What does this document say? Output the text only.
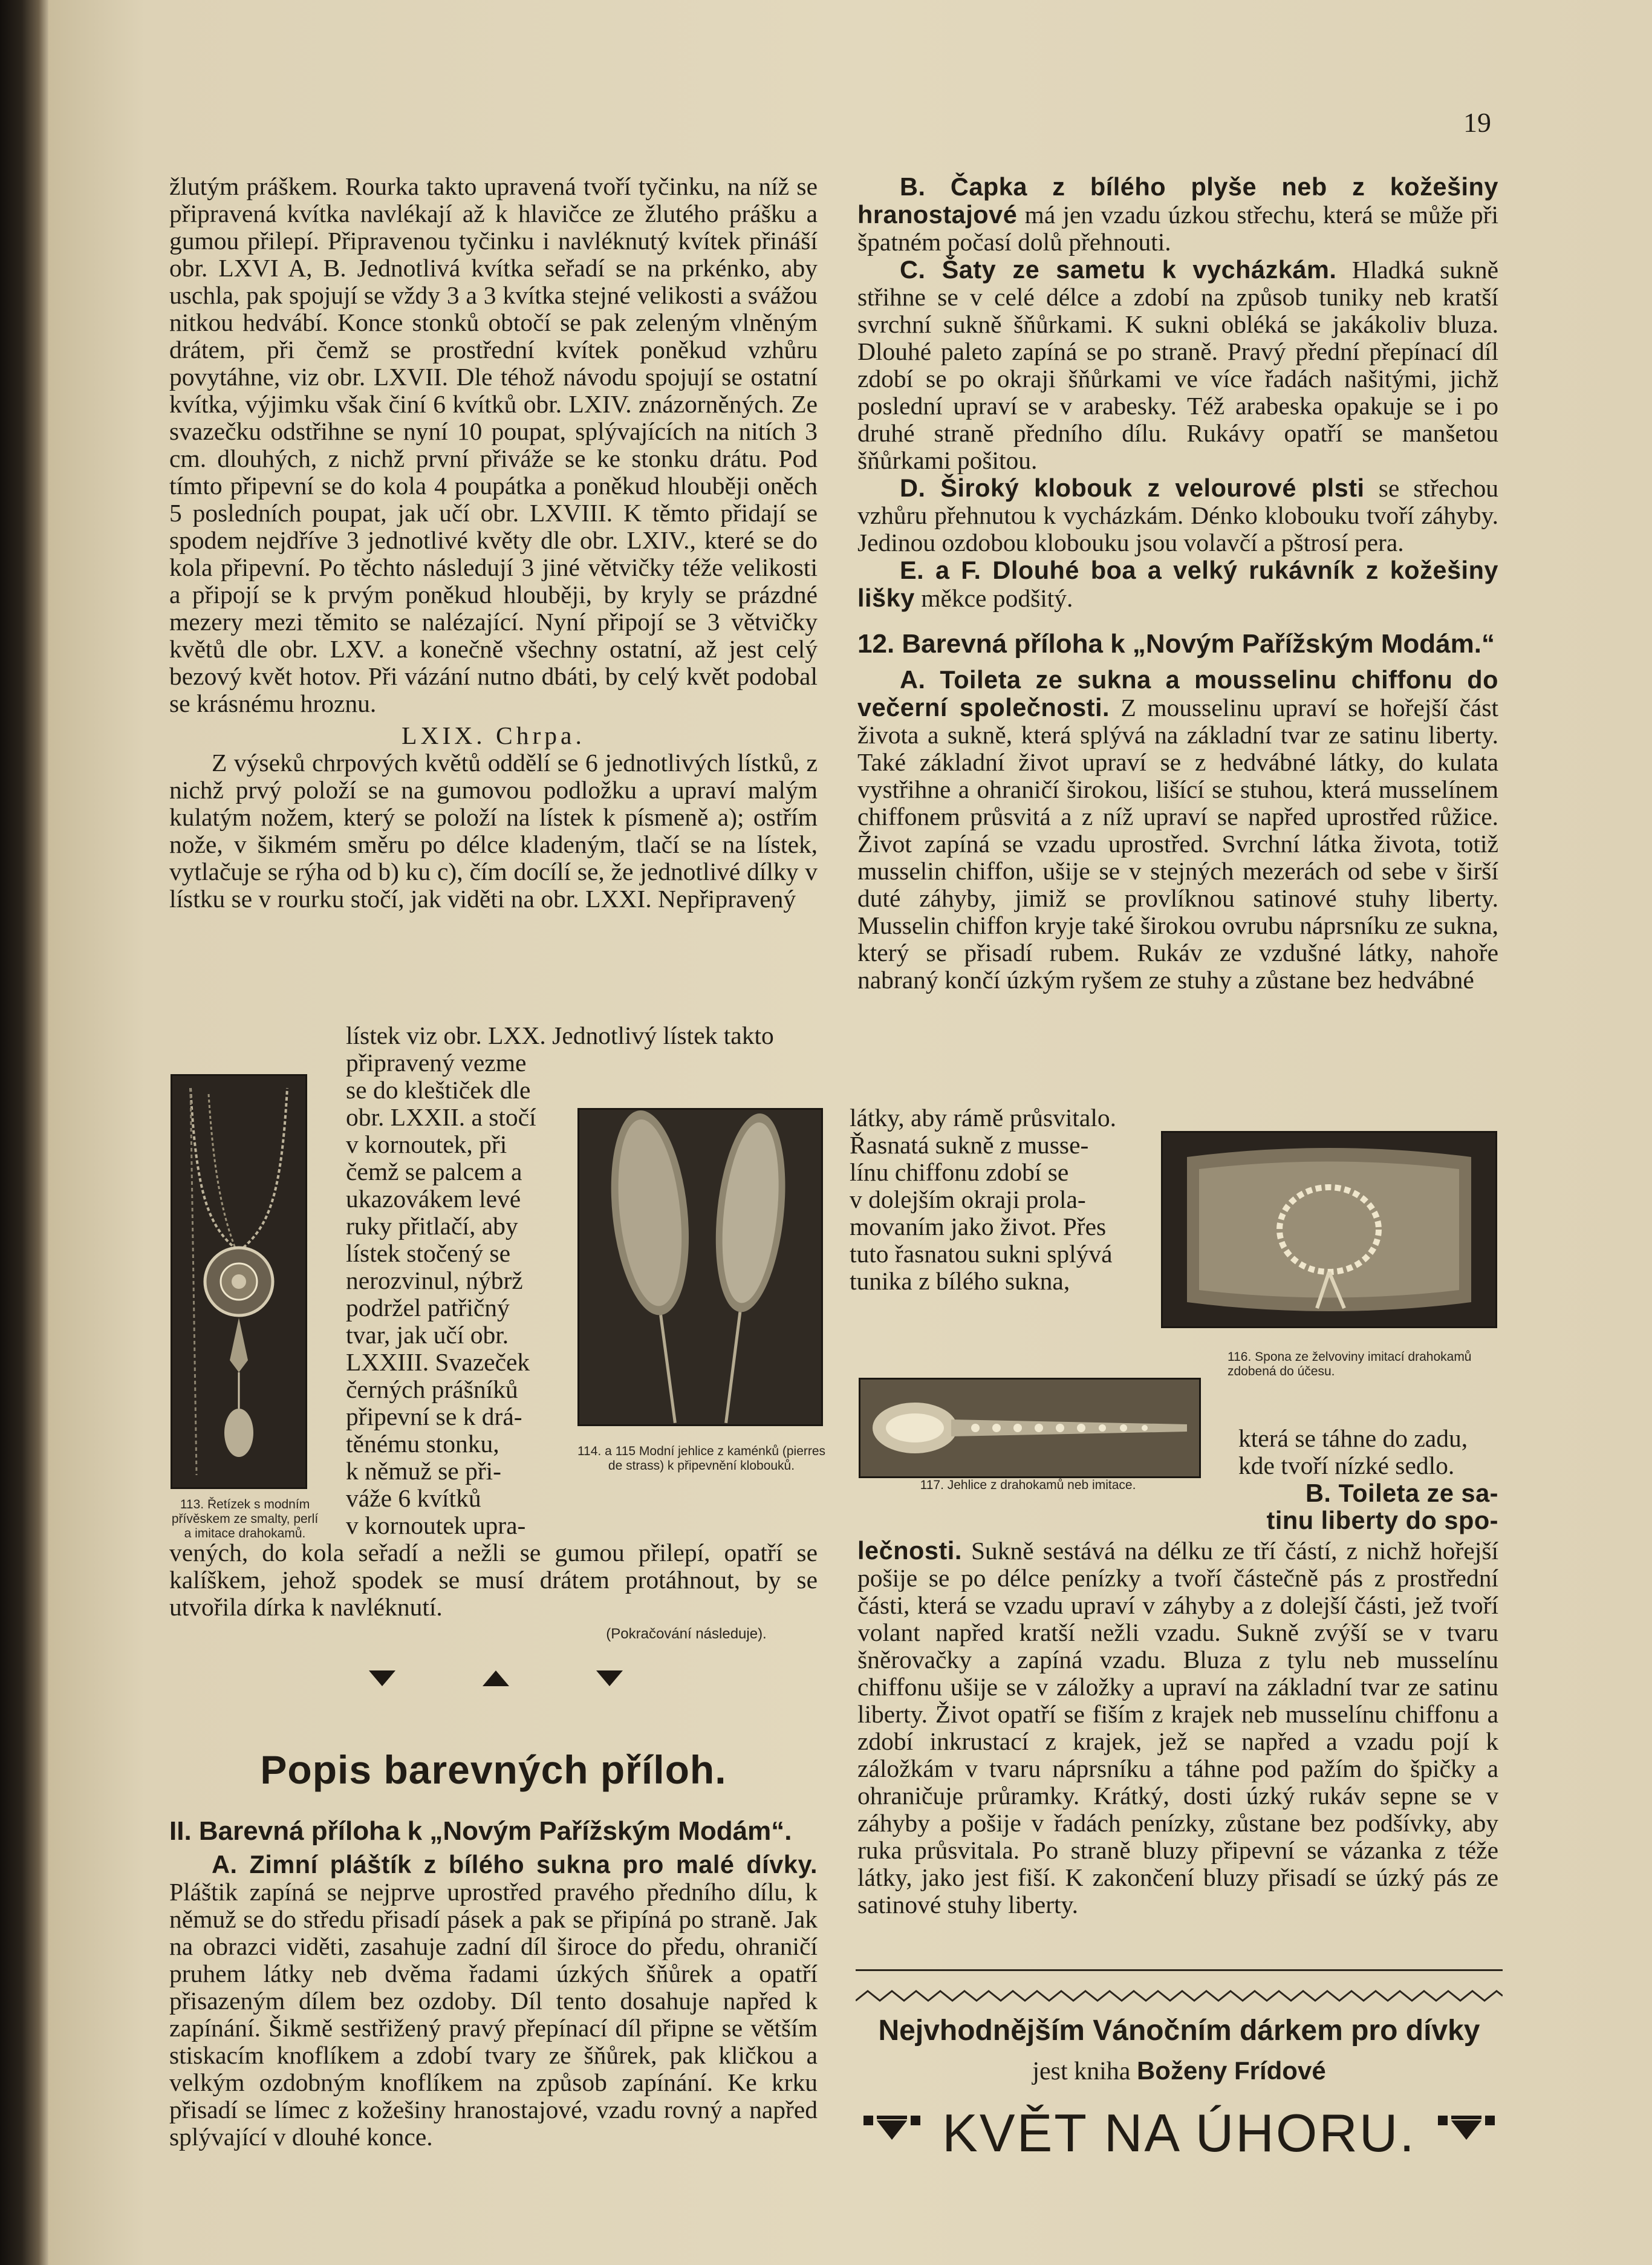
19

žlutým práškem. Rourka takto upravená tvoří tyčinku, na níž se připravená kvítka navlékají až k hlavičce ze žlutého prášku a gumou přilepí. Připravenou tyčinku i navléknutý kvítek přináší obr. LXVI A, B. Jednotlivá kvítka seřadí se na prkénko, aby uschla, pak spojují se vždy 3 a 3 kvítka stejné velikosti a svážou nitkou hedvábí. Konce stonků obtočí se pak zeleným vlněným drátem, při čemž se prostřední kvítek poněkud vzhůru povytáhne, viz obr. LXVII. Dle téhož návodu spojují se ostatní kvítka, výjimku však činí 6 kvítků obr. LXIV. znázorněných. Ze svazečku odstřihne se nyní 10 poupat, splývajících na nitích 3 cm. dlouhých, z nichž první přiváže se ke stonku drátu. Pod tímto připevní se do kola 4 poupátka a poněkud hlouběji oněch 5 posledních poupat, jak učí obr. LXVIII. K těmto přidají se spodem nejdříve 3 jednotlivé květy dle obr. LXIV., které se do kola připevní. Po těchto následují 3 jiné větvičky téže velikosti a připojí se k prvým poněkud hlouběji, by kryly se prázdné mezery mezi těmito se nalézající. Nyní připojí se 3 větvičky květů dle obr. LXV. a konečně všechny ostatní, až jest celý bezový květ hotov. Při vázání nutno dbáti, by celý květ podobal se krásnému hroznu.

LXIX. Chrpa.

Z výseků chrpových květů oddělí se 6 jednotlivých lístků, z nichž prvý položí se na gumovou podložku a upraví malým kulatým nožem, který se položí na lístek k písmeně a); ostřím nože, v šikmém směru po délce kladeným, tlačí se na lístek, vytlačuje se rýha od b) ku c), čím docílí se, že jednotlivé dílky v lístku se v rourku stočí, jak viděti na obr. LXXI. Nepřipravený

lístek viz obr. LXX. Jednotlivý lístek takto
připravený vezme
se do kleštiček dle
obr. LXXII. a stočí
v kornoutek, při
čemž se palcem a
ukazovákem levé
ruky přitlačí, aby
lístek stočený se
nerozvinul, nýbrž
podržel patřičný
tvar, jak učí obr.
LXXIII. Svazeček
černých prášníků
připevní se k drá-
těnému stonku,
k němuž se při-
váže 6 kvítků
v kornoutek upra-
vených, do kola seřadí a nežli se gumou přilepí, opatří se kalíškem, jehož spodek se musí drátem protáhnout, by se utvořila dírka k navléknutí.
(Pokračování následuje).
113. Řetízek s modním přívěskem ze smalty, perlí a imitace drahokamů.
114. a 115 Modní jehlice z kaménků (pierres de strass) k připevnění klobouků.
Popis barevných příloh.

II. Barevná příloha k „Novým Pařížským Modám“.

A. Zimní pláštík z bílého sukna pro malé dívky. Pláštik zapíná se nejprve uprostřed pravého předního dílu, k němuž se do středu přisadí pásek a pak se připíná po straně. Jak na obrazci viděti, zasahuje zadní díl široce do předu, ohraničí pruhem látky neb dvěma řadami úzkých šňůrek a opatří přisazeným dílem bez ozdoby. Díl tento dosahuje napřed k zapínání. Šikmě sestřižený pravý přepínací díl připne se větším stiskacím knoflíkem a zdobí tvary ze šňůrek, pak kličkou a velkým ozdobným knoflíkem na způsob zapínání. Ke krku přisadí se límec z kožešiny hranostajové, vzadu rovný a napřed splývající v dlouhé konce.

B. Čapka z bílého plyše neb z kožešiny hranostajové má jen vzadu úzkou střechu, která se může při špatném počasí dolů přehnouti.

C. Šaty ze sametu k vycházkám. Hladká sukně střihne se v celé délce a zdobí na způsob tuniky neb kratší svrchní sukně šňůrkami. K sukni obléká se jakákoliv bluza. Dlouhé paleto zapíná se po straně. Pravý přední přepínací díl zdobí se po okraji šňůrkami ve více řadách našitými, jichž poslední upraví se v arabesky. Též arabeska opakuje se i po druhé straně předního dílu. Rukávy opatří se manšetou šňůrkami pošitou.

D. Široký klobouk z velourové plsti se střechou vzhůru přehnutou k vycházkám. Dénko klobouku tvoří záhyby. Jedinou ozdobou klobouku jsou volavčí a pštrosí pera.

E. a F. Dlouhé boa a velký rukávník z kožešiny lišky měkce podšitý.

12. Barevná příloha k „Novým Pařížským Modám.“

A. Toileta ze sukna a mousselinu chiffonu do večerní společnosti. Z mousselinu upraví se hořejší část života a sukně, která splývá na základní tvar ze satinu liberty. Také základní život upraví se z hedvábné látky, do kulata vystřihne a ohraničí širokou, lišící se stuhou, která musselínem chiffonem průsvitá a z níž upraví se napřed uprostřed růžice. Život zapíná se vzadu uprostřed. Svrchní látka života, totiž musselin chiffon, ušije se v stejných mezerách od sebe v širší duté záhyby, jimiž se provlíknou satinové stuhy liberty. Musselin chiffon kryje také širokou ovrubu náprsníku ze sukna, který se přisadí rubem. Rukáv ze vzdušné látky, nahoře nabraný končí úzkým ryšem ze stuhy a zůstane bez hedvábné

látky, aby rámě průsvitalo.
Řasnatá sukně z musse-
línu chiffonu zdobí se
v dolejším okraji prola-
movaním jako život. Přes
tuto řasnatou sukni splývá
tunika z bílého sukna,
116. Spona ze želvoviny imitací drahokamů zdobená do účesu.
117. Jehlice z drahokamů neb imitace.
která se táhne do zadu,
kde tvoří nízké sedlo.
B. Toileta ze sa-
tinu liberty do spo-

lečnosti. Sukně sestává na délku ze tří částí, z nichž hořejší pošije se po délce penízky a tvoří částečně pás z prostřední části, která se vzadu upraví v záhyby a z dolejší části, jež tvoří volant napřed kratší nežli vzadu. Sukně zvýší se v tvaru šněrovačky a zapíná vzadu. Bluza z tylu neb musselínu chiffonu ušije se v záložky a upraví na základní tvar ze satinu liberty. Život opatří se fiším z krajek neb musselínu chiffonu a zdobí inkrustací z krajek, jež se napřed a vzadu pojí k záložkám v tvaru náprsníku a táhne pod pažím do špičky a ohraničuje průramky. Krátký, dosti úzký rukáv sepne se v záhyby a pošije v řadách penízky, zůstane bez podšívky, aby ruka průsvitala. Po straně bluzy připevní se vázanka z téže látky, jako jest fiší. K zakončení bluzy přisadí se úzký pás ze satinové stuhy liberty.

Nejvhodnějším Vánočním dárkem pro dívky
jest kniha Boženy Frídové
KVĚT NA ÚHORU.
